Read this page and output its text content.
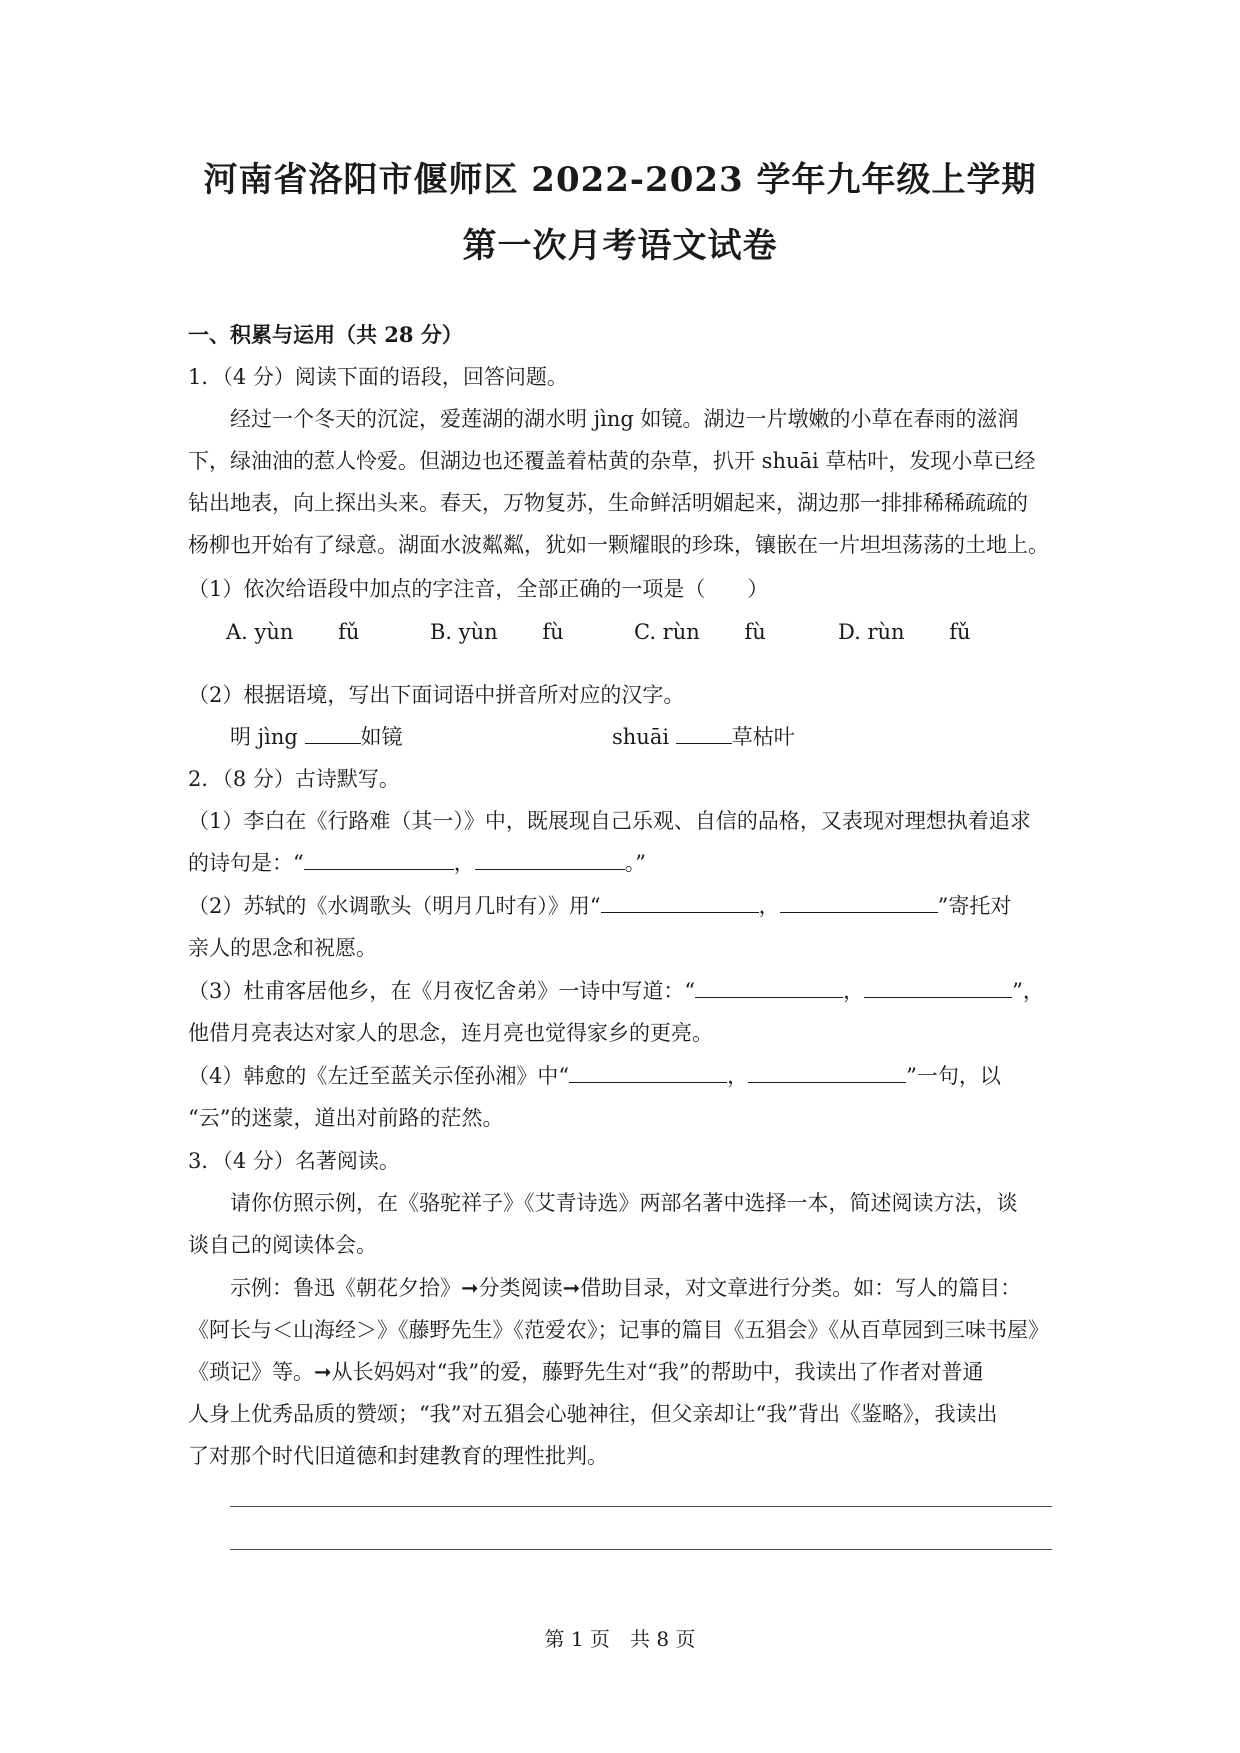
河南省洛阳市偃师区 2022-2023 学年九年级上学期
第一次月考语文试卷
一、积累与运用（共 28 分）
1．（4 分）阅读下面的语段，回答问题。
经过一个冬天的沉淀，爱莲湖的湖水明 jìng 如镜。湖边一片墩嫩的小草在春雨的滋润
下，绿油油的惹人怜爱。但湖边也还覆盖着枯黄的杂草，扒开 shuāi 草枯叶，发现小草已经
钻出地表，向上探出头来。春天，万物复苏，生命鲜活明媚起来，湖边那一排排稀稀疏疏的
杨柳也开始有了绿意。湖面水波粼粼，犹如一颗耀眼的珍珠，镶嵌在一片坦坦荡荡的土地上。
（1）依次给语段中加点的字注音，全部正确的一项是（　　）
A. yùn fǔ	B. yùn fù	C. rùn fù	D. rùn fǔ
（2）根据语境，写出下面词语中拼音所对应的汉字。
明 jìng	如镜	shuāi	草枯叶
2．（8 分）古诗默写。
（1）李白在《行路难（其一）》中，既展现自己乐观、自信的品格，又表现对理想执着追求
的诗句是：“	，	。”
（2）苏轼的《水调歌头（明月几时有）》用“	，	”寄托对
亲人的思念和祝愿。
（3）杜甫客居他乡，在《月夜忆舍弟》一诗中写道：“	，	”，
他借月亮表达对家人的思念，连月亮也觉得家乡的更亮。
（4）韩愈的《左迁至蓝关示侄孙湘》中“	，	”一句，以
“云”的迷蒙，道出对前路的茫然。
3．（4 分）名著阅读。
请你仿照示例，在《骆驼祥子》《艾青诗选》两部名著中选择一本，简述阅读方法，谈
谈自己的阅读体会。
示例：鲁迅《朝花夕拾》➞分类阅读➞借助目录，对文章进行分类。如：写人的篇目：
《阿长与＜山海经＞》《藤野先生》《范爱农》；记事的篇目《五猖会》《从百草园到三味书屋》
《琐记》等。➞从长妈妈对“我”的爱，藤野先生对“我”的帮助中，我读出了作者对普通
人身上优秀品质的赞颂；“我”对五猖会心驰神往，但父亲却让“我”背出《鉴略》，我读出
了对那个时代旧道德和封建教育的理性批判。
第 1 页　共 8 页
